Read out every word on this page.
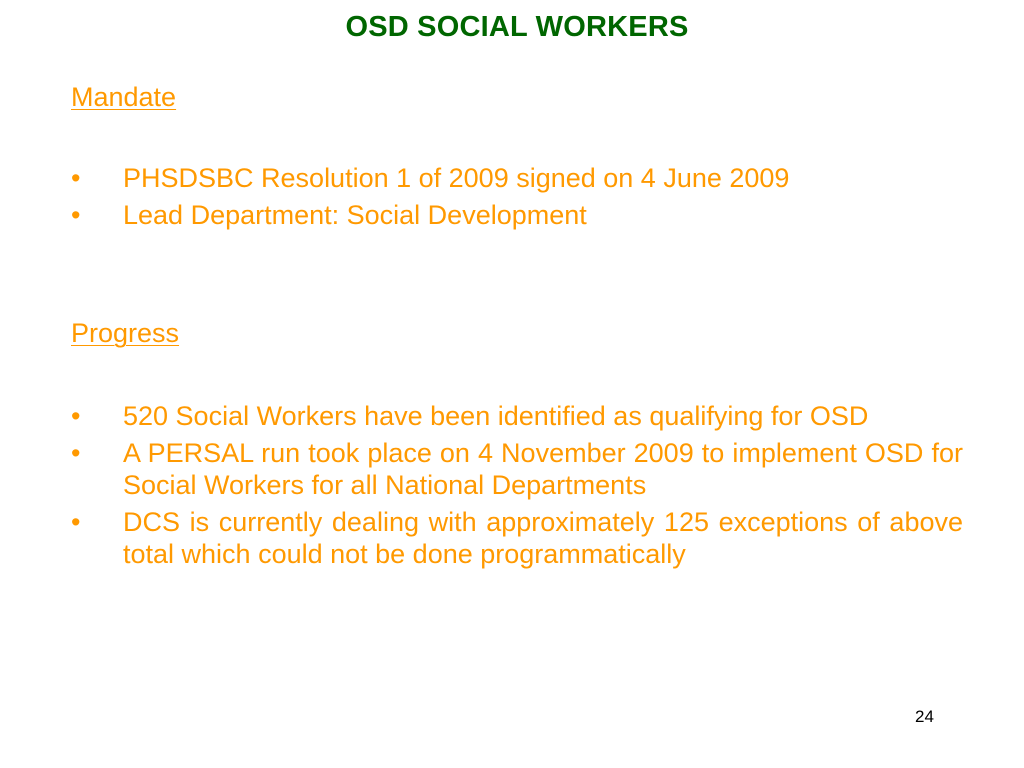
OSD SOCIAL WORKERS
Mandate
• PHSDSBC Resolution 1 of 2009 signed on 4 June 2009
• Lead Department: Social Development
Progress
• 520 Social Workers have been identified as qualifying for OSD
• A PERSAL run took place on 4 November 2009 to implement OSD for Social Workers for all National Departments
• DCS is currently dealing with approximately 125 exceptions of above total which could not be done programmatically
24
